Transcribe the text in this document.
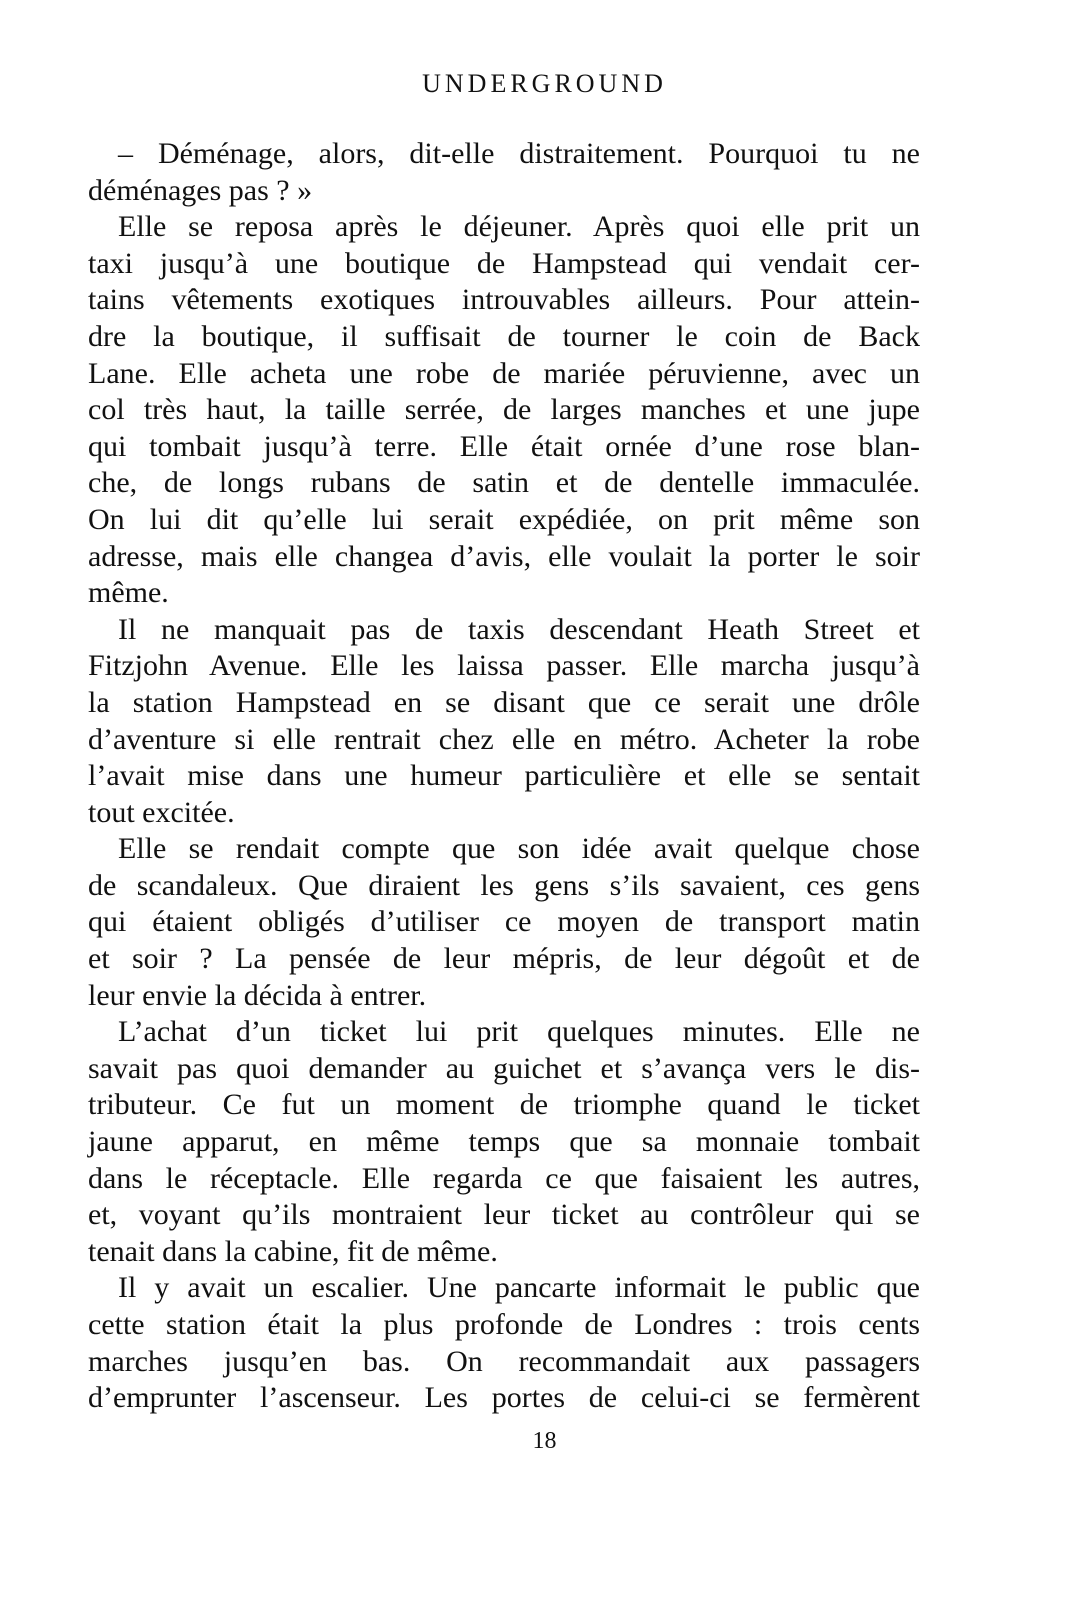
UNDERGROUND
– Déménage, alors, dit-elle distraitement. Pourquoi tu ne
déménages pas ? »
Elle se reposa après le déjeuner. Après quoi elle prit un
taxi jusqu’à une boutique de Hampstead qui vendait cer-
tains vêtements exotiques introuvables ailleurs. Pour attein-
dre la boutique, il suffisait de tourner le coin de Back
Lane. Elle acheta une robe de mariée péruvienne, avec un
col très haut, la taille serrée, de larges manches et une jupe
qui tombait jusqu’à terre. Elle était ornée d’une rose blan-
che, de longs rubans de satin et de dentelle immaculée.
On lui dit qu’elle lui serait expédiée, on prit même son
adresse, mais elle changea d’avis, elle voulait la porter le soir
même.
Il ne manquait pas de taxis descendant Heath Street et
Fitzjohn Avenue. Elle les laissa passer. Elle marcha jusqu’à
la station Hampstead en se disant que ce serait une drôle
d’aventure si elle rentrait chez elle en métro. Acheter la robe
l’avait mise dans une humeur particulière et elle se sentait
tout excitée.
Elle se rendait compte que son idée avait quelque chose
de scandaleux. Que diraient les gens s’ils savaient, ces gens
qui étaient obligés d’utiliser ce moyen de transport matin
et soir ? La pensée de leur mépris, de leur dégoût et de
leur envie la décida à entrer.
L’achat d’un ticket lui prit quelques minutes. Elle ne
savait pas quoi demander au guichet et s’avança vers le dis-
tributeur. Ce fut un moment de triomphe quand le ticket
jaune apparut, en même temps que sa monnaie tombait
dans le réceptacle. Elle regarda ce que faisaient les autres,
et, voyant qu’ils montraient leur ticket au contrôleur qui se
tenait dans la cabine, fit de même.
Il y avait un escalier. Une pancarte informait le public que
cette station était la plus profonde de Londres : trois cents
marches jusqu’en bas. On recommandait aux passagers
d’emprunter l’ascenseur. Les portes de celui-ci se fermèrent
18
